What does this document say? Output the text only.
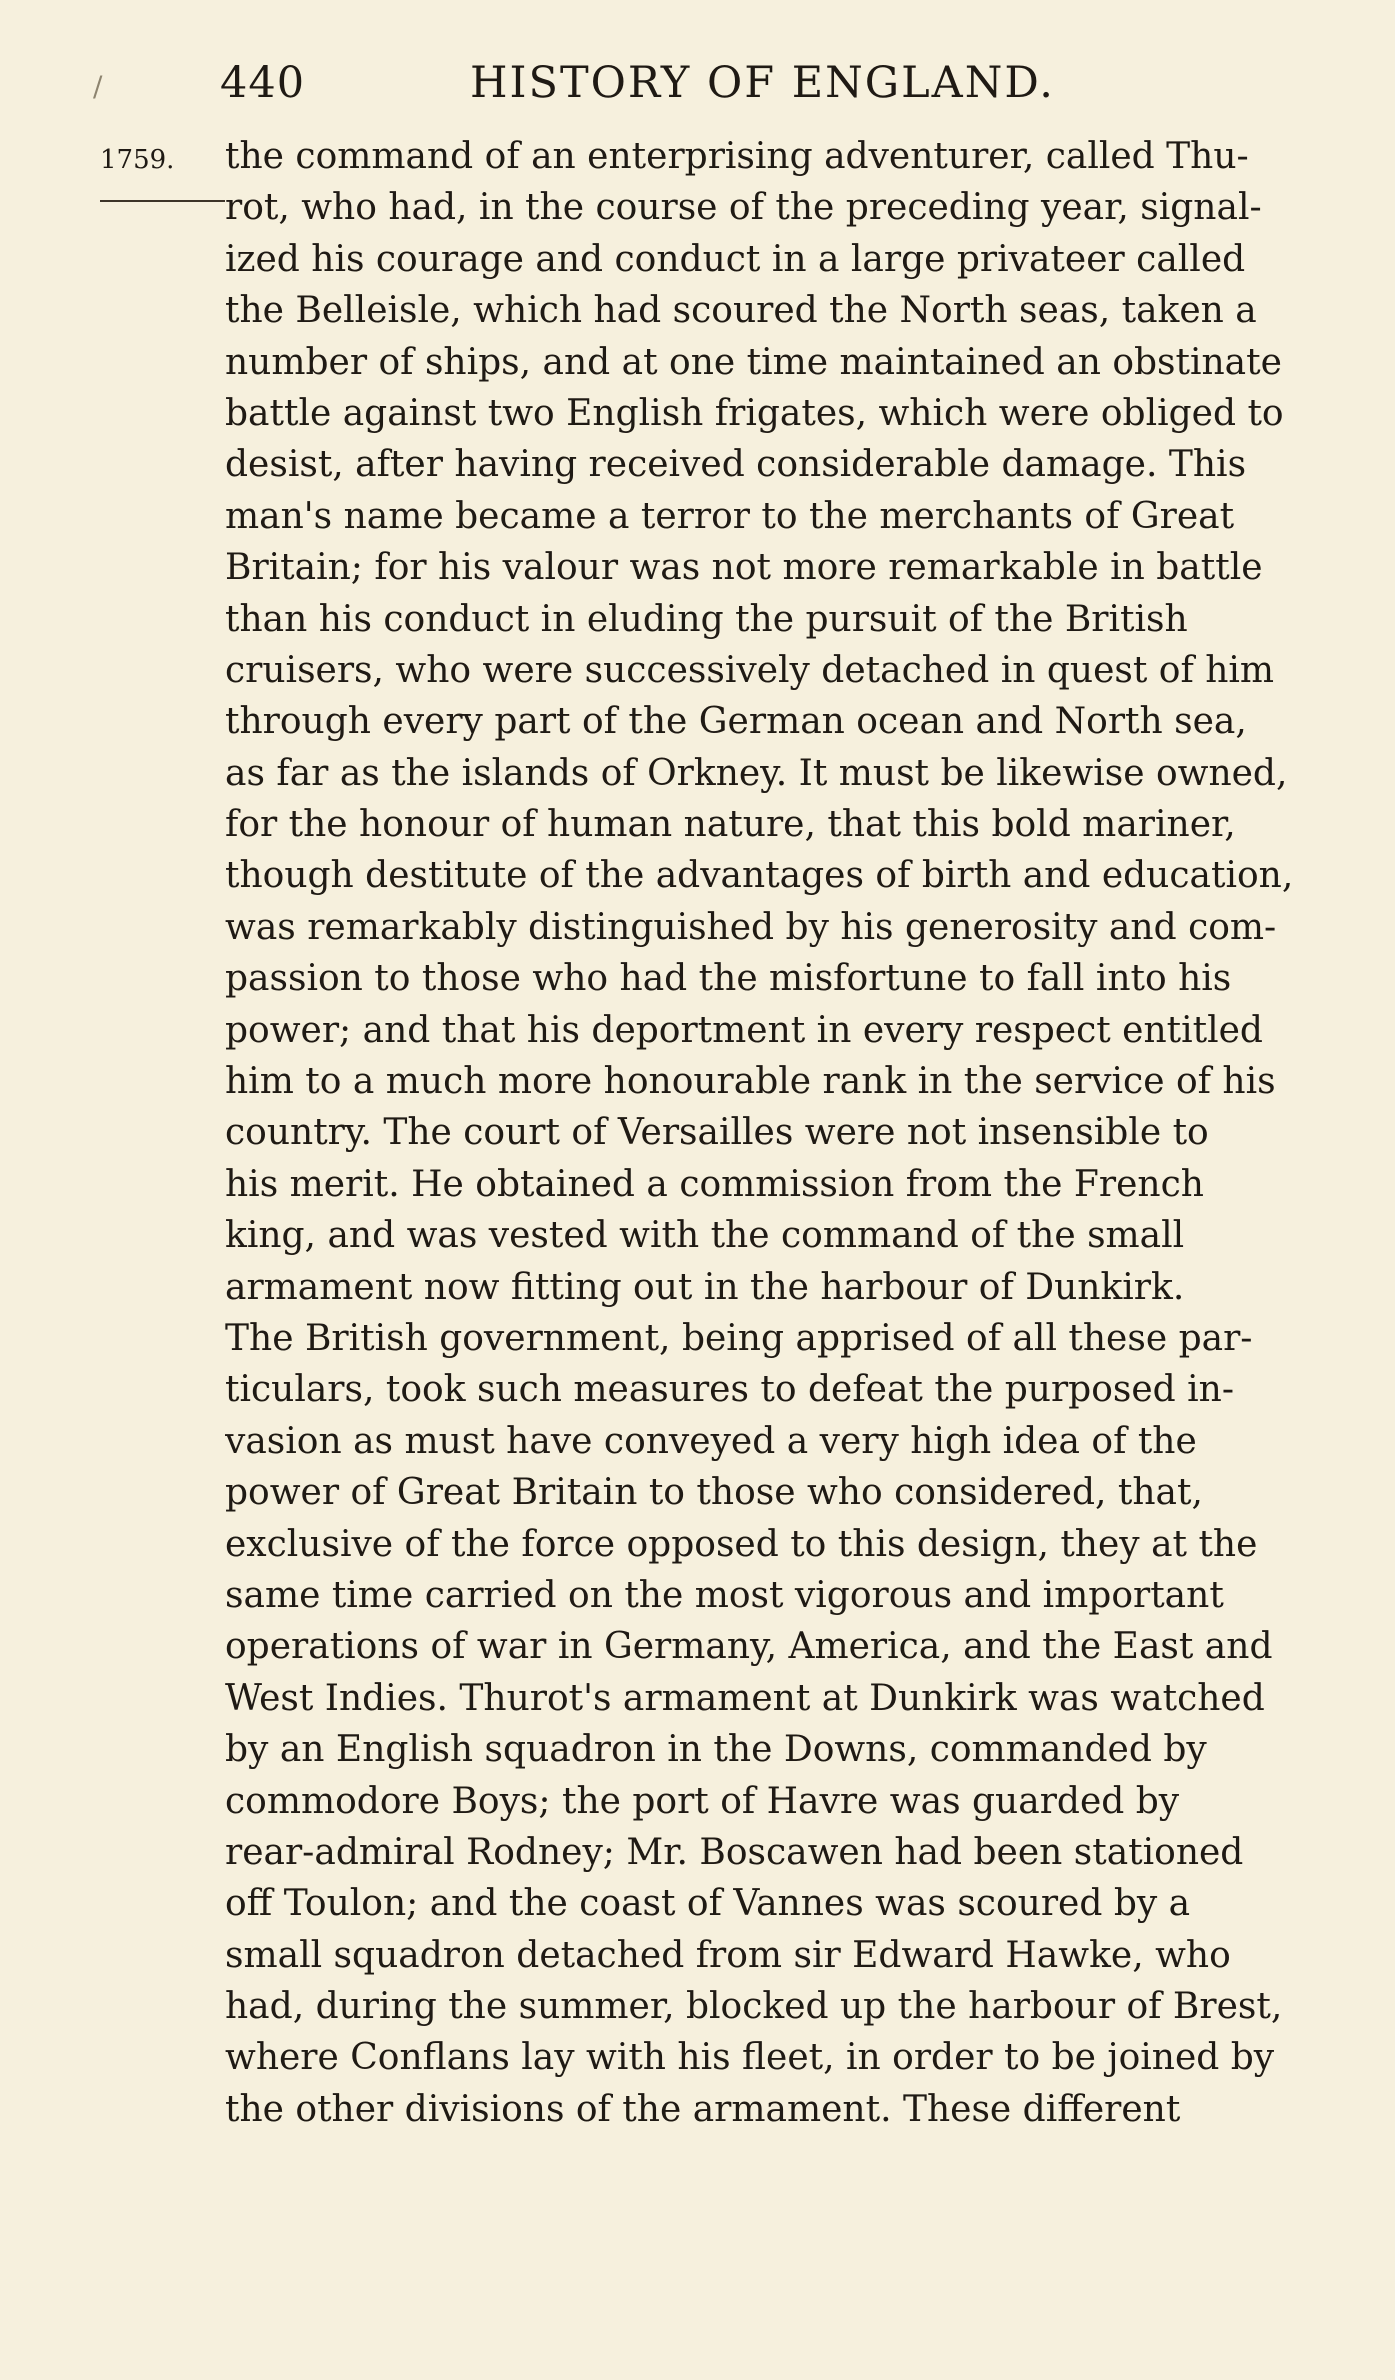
/	440	HISTORY OF ENGLAND.
1759. the command of an enterprising adventurer, called Thu-
rot, who had, in the course of the preceding year, signal-
ized his courage and conduct in a large privateer called
the Belleisle, which had scoured the North seas, taken a
number of ships, and at one time maintained an obstinate
battle against two English frigates, which were obliged to
desist, after having received considerable damage. This
man's name became a terror to the merchants of Great
Britain; for his valour was not more remarkable in battle
than his conduct in eluding the pursuit of the British
cruisers, who were successively detached in quest of him
through every part of the German ocean and North sea,
as far as the islands of Orkney. It must be likewise owned,
for the honour of human nature, that this bold mariner,
though destitute of the advantages of birth and education,
was remarkably distinguished by his generosity and com-
passion to those who had the misfortune to fall into his
power; and that his deportment in every respect entitled
him to a much more honourable rank in the service of his
country. The court of Versailles were not insensible to
his merit. He obtained a commission from the French
king, and was vested with the command of the small
armament now fitting out in the harbour of Dunkirk.
The British government, being apprised of all these par-
ticulars, took such measures to defeat the purposed in-
vasion as must have conveyed a very high idea of the
power of Great Britain to those who considered, that,
exclusive of the force opposed to this design, they at the
same time carried on the most vigorous and important
operations of war in Germany, America, and the East and
West Indies. Thurot's armament at Dunkirk was watched
by an English squadron in the Downs, commanded by
commodore Boys; the port of Havre was guarded by
rear-admiral Rodney; Mr. Boscawen had been stationed
off Toulon; and the coast of Vannes was scoured by a
small squadron detached from sir Edward Hawke, who
had, during the summer, blocked up the harbour of Brest,
where Conflans lay with his fleet, in order to be joined by
the other divisions of the armament. These different
